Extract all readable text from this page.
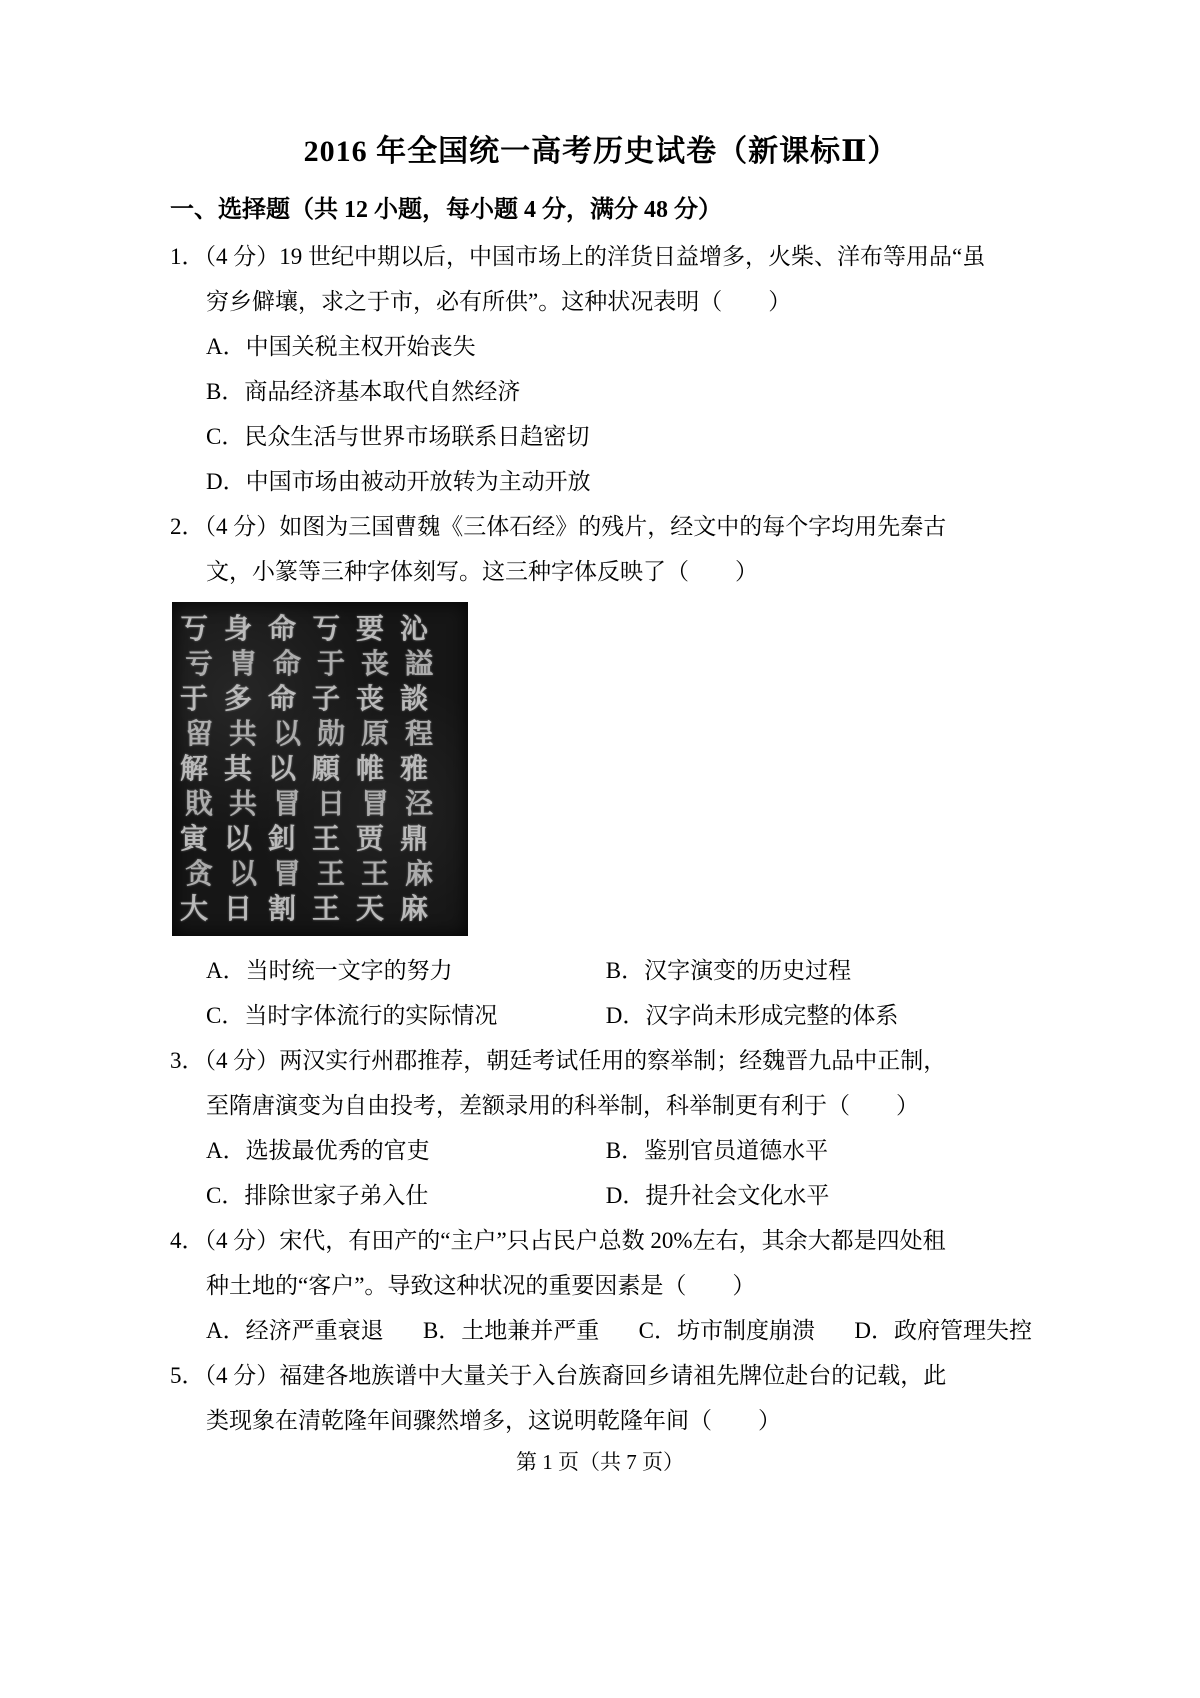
2016 年全国统一高考历史试卷（新课标Ⅱ）
一、选择题（共 12 小题，每小题 4 分，满分 48 分）
1．（4 分）19 世纪中期以后，中国市场上的洋货日益增多，火柴、洋布等用品“虽
穷乡僻壤，求之于市，必有所供”。这种状况表明（　　）
A．中国关税主权开始丧失
B．商品经济基本取代自然经济
C．民众生活与世界市场联系日趋密切
D．中国市场由被动开放转为主动开放
2．（4 分）如图为三国曹魏《三体石经》的残片，经文中的每个字均用先秦古
文，小篆等三种字体刻写。这三种字体反映了（　　）
丂身命丂要沁
亏胄命于丧謚
于多命子丧談
留共以勋原程
解其以願帷雅
戝共冒日冒泾
寅以釗王贾鼎
贪以冒王王麻
大日割王天麻
A．当时统一文字的努力	B．汉字演变的历史过程
C．当时字体流行的实际情况	D．汉字尚未形成完整的体系
3．（4 分）两汉实行州郡推荐，朝廷考试任用的察举制；经魏晋九品中正制，
至隋唐演变为自由投考，差额录用的科举制，科举制更有利于（　　）
A．选拔最优秀的官吏	B．鉴别官员道德水平
C．排除世家子弟入仕	D．提升社会文化水平
4．（4 分）宋代，有田产的“主户”只占民户总数 20%左右，其余大都是四处租
种土地的“客户”。导致这种状况的重要因素是（　　）
A．经济严重衰退 B．土地兼并严重 C．坊市制度崩溃 D．政府管理失控
5．（4 分）福建各地族谱中大量关于入台族裔回乡请祖先牌位赴台的记载，此
类现象在清乾隆年间骤然增多，这说明乾隆年间（　　）
第 1 页（共 7 页）
